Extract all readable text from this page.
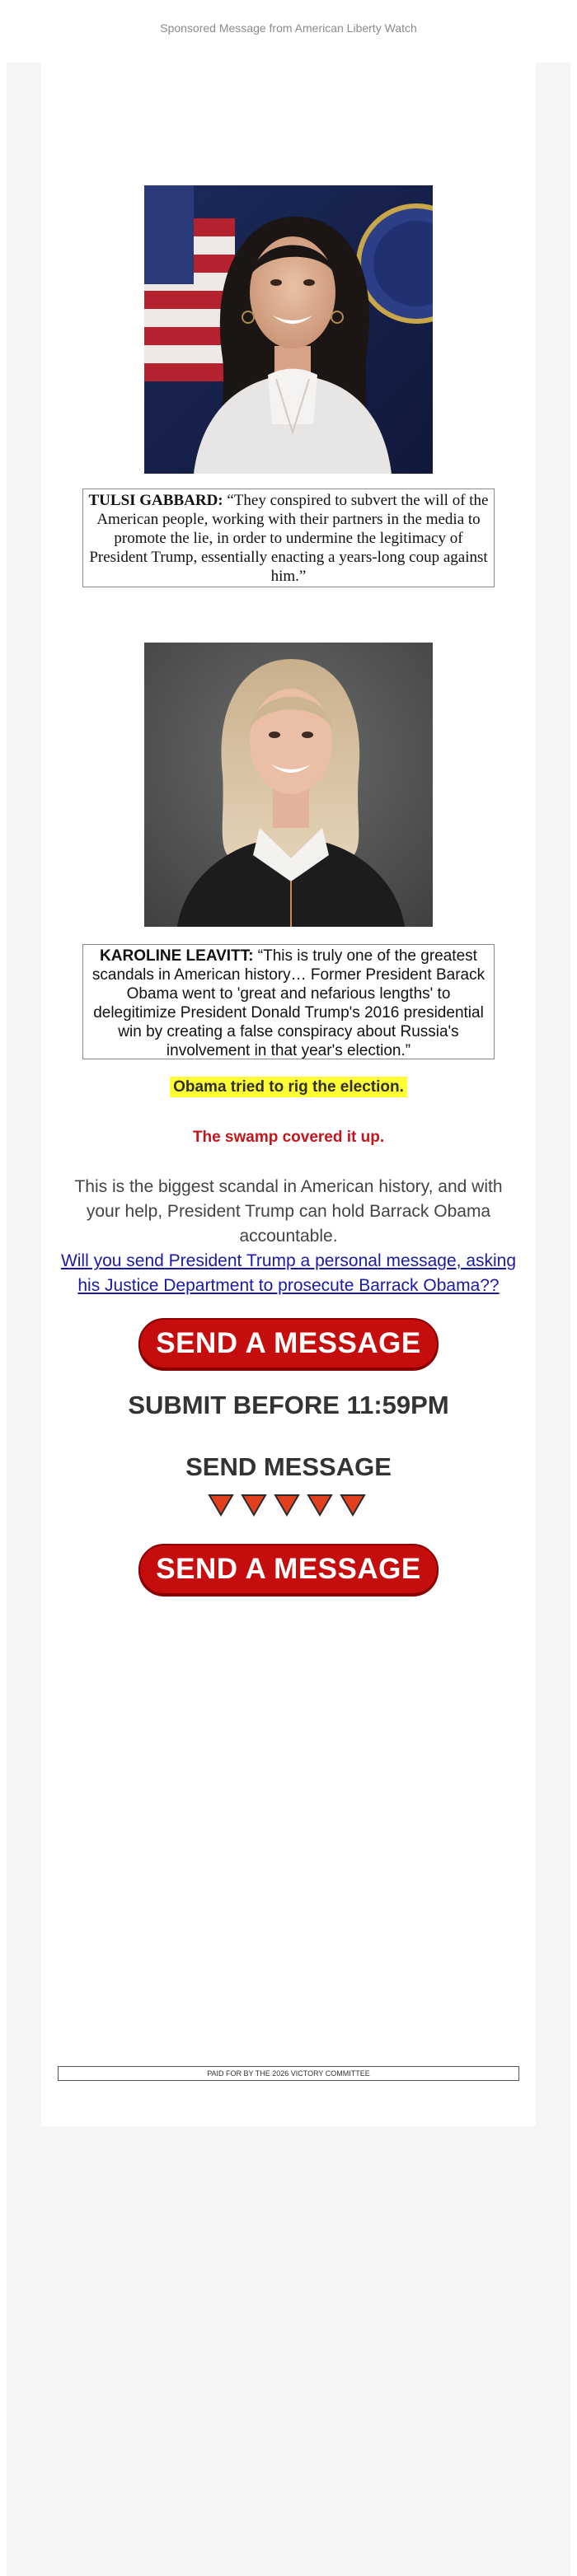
Sponsored Message from American Liberty Watch
TULSI GABBARD: “They conspired to subvert the will of the American people, working with their partners in the media to promote the lie, in order to undermine the legitimacy of President Trump, essentially enacting a years-long coup against him.”
KAROLINE LEAVITT: “This is truly one of the greatest scandals in American history… Former President Barack Obama went to 'great and nefarious lengths' to delegitimize President Donald Trump's 2016 presidential win by creating a false conspiracy about Russia's involvement in that year's election.”
Obama tried to rig the election.
The swamp covered it up.
This is the biggest scandal in American history, and with your help, President Trump can hold Barrack Obama accountable.
Will you send President Trump a personal message, asking his Justice Department to prosecute Barrack Obama??
SEND A MESSAGE
SUBMIT BEFORE 11:59PM
SEND MESSAGE
SEND A MESSAGE
PAID FOR BY THE 2026 VICTORY COMMITTEE
